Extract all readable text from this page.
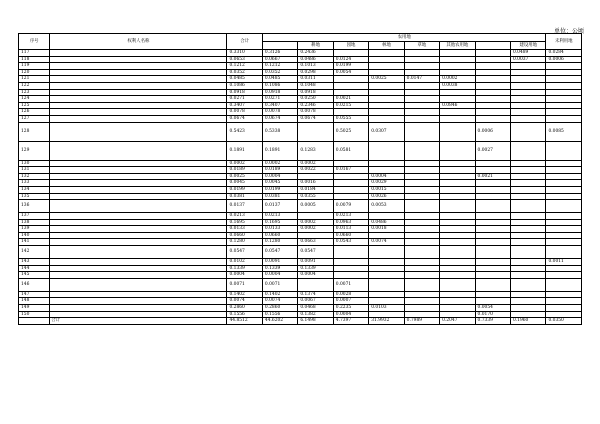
单位：公顷
序号	权利人名称	合计	农用地								未利用地
				耕地	园地	林地	草地	其他农用地		建设用地	
117		0.3310	0.3126	0.2436						0.0489	0.0284
118		0.0653	0.0667	0.0486	0.0124					0.0037	0.0006
119		0.1212	0.1212	0.1013	0.0199						
120		0.0352	0.0352	0.0298	0.0054						
121		0.0485	0.0485	0.0311		0.0025	0.0147	0.0002			
122		0.1086	0.1086	0.1048				0.0038			
123		0.0918	0.0918	0.0918							
124		0.0271	0.0271	0.0250	0.0021						
125		0.3407	0.3407	0.2346	0.0215			0.0846			
126		0.0078	0.0078	0.0078							
127		0.0674	0.0674	0.0674	0.0555						
128		0.5423	0.5338		0.5025	0.0307			0.0006		0.0085
129		0.1891	0.1891	0.1283	0.0581				0.0027		
130		0.0002	0.0002	0.0002							
131		0.0189	0.0189	0.0022	0.0167						
132		0.0025	0.0004			0.0004			0.0021		
133		0.0045	0.0045	0.0016		0.0029					
134		0.0199	0.0199	0.0184		0.0015					
135		0.0381	0.0381	0.0355		0.0026					
136		0.0137	0.0137	0.0005	0.0079	0.0053					
137		0.0213	0.0213		0.0213						
138		0.1695	0.1695	0.0002	0.0963	0.0486					
139		0.0133	0.0133	0.0002	0.0113	0.0018					
140		0.0660	0.0660		0.0660						
141		0.1280	0.1280	0.0663	0.0543	0.0074					
142		0.0547	0.0547	0.0547							
143		0.0102	0.0091	0.0091							0.0011
144		0.1339	0.1339	0.1339							
145		0.0004	0.0004	0.0004							
146		0.0071	0.0071		0.0071						
147		0.1402	0.1402	0.1374	0.0028						
148		0.0074	0.0074	0.0067	0.0007						
149		0.2860	0.2860	0.0468	0.2235	0.0103			0.0054		
150		0.1556	0.1556	0.1382	0.0004				0.0170		
	合计	44.8512	44.6202	6.1498	4.7397	31.9932	0.7989	0.2047	0.7339	0.1960	0.0350
